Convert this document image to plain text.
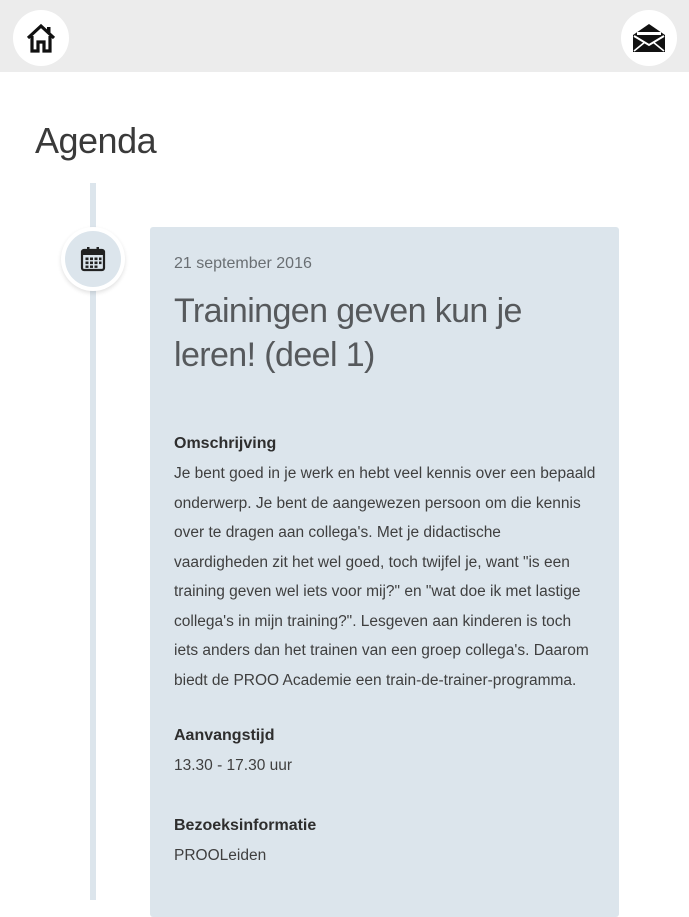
Agenda
21 september 2016
Trainingen geven kun je leren! (deel 1)
Omschrijving
Je bent goed in je werk en hebt veel kennis over een bepaald onderwerp. Je bent de aangewezen persoon om die kennis over te dragen aan collega's. Met je didactische vaardigheden zit het wel goed, toch twijfel je, want "is een training geven wel iets voor mij?" en "wat doe ik met lastige collega's in mijn training?". Lesgeven aan kinderen is toch iets anders dan het trainen van een groep collega's. Daarom biedt de PROO Academie een train-de-trainer-programma.
Aanvangstijd
13.30 - 17.30 uur
Bezoeksinformatie
PROOLeiden
